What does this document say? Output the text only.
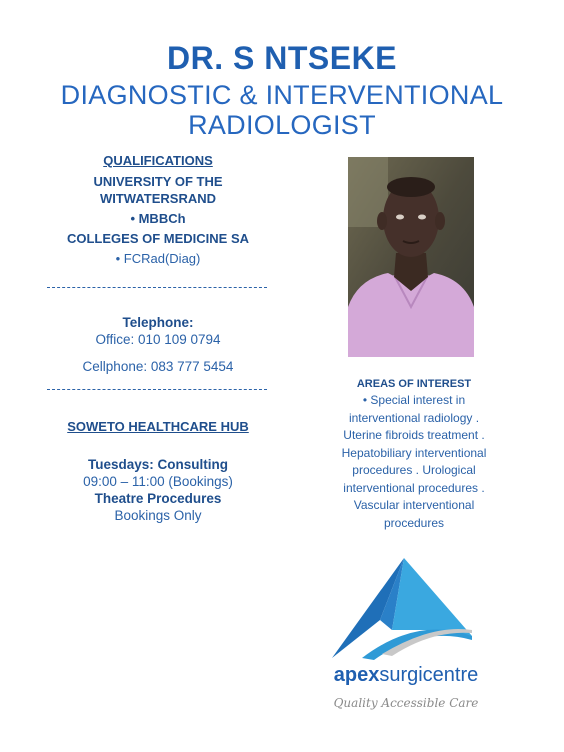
DR. S NTSEKE
DIAGNOSTIC & INTERVENTIONAL
RADIOLOGIST
QUALIFICATIONS
UNIVERSITY OF THE
WITWATERSRAND
• MBBCh
COLLEGES OF MEDICINE SA
• FCRad(Diag)
Telephone:
Office: 010 109 0794
Cellphone: 083 777 5454
SOWETO HEALTHCARE HUB
Tuesdays: Consulting
09:00 – 11:00 (Bookings)
Theatre Procedures
Bookings Only
AREAS OF INTEREST
• Special interest in
interventional radiology .
Uterine fibroids treatment .
Hepatobiliary interventional
procedures . Urological
interventional procedures .
Vascular interventional
procedures
apexsurgicentre
Quality Accessible Care
